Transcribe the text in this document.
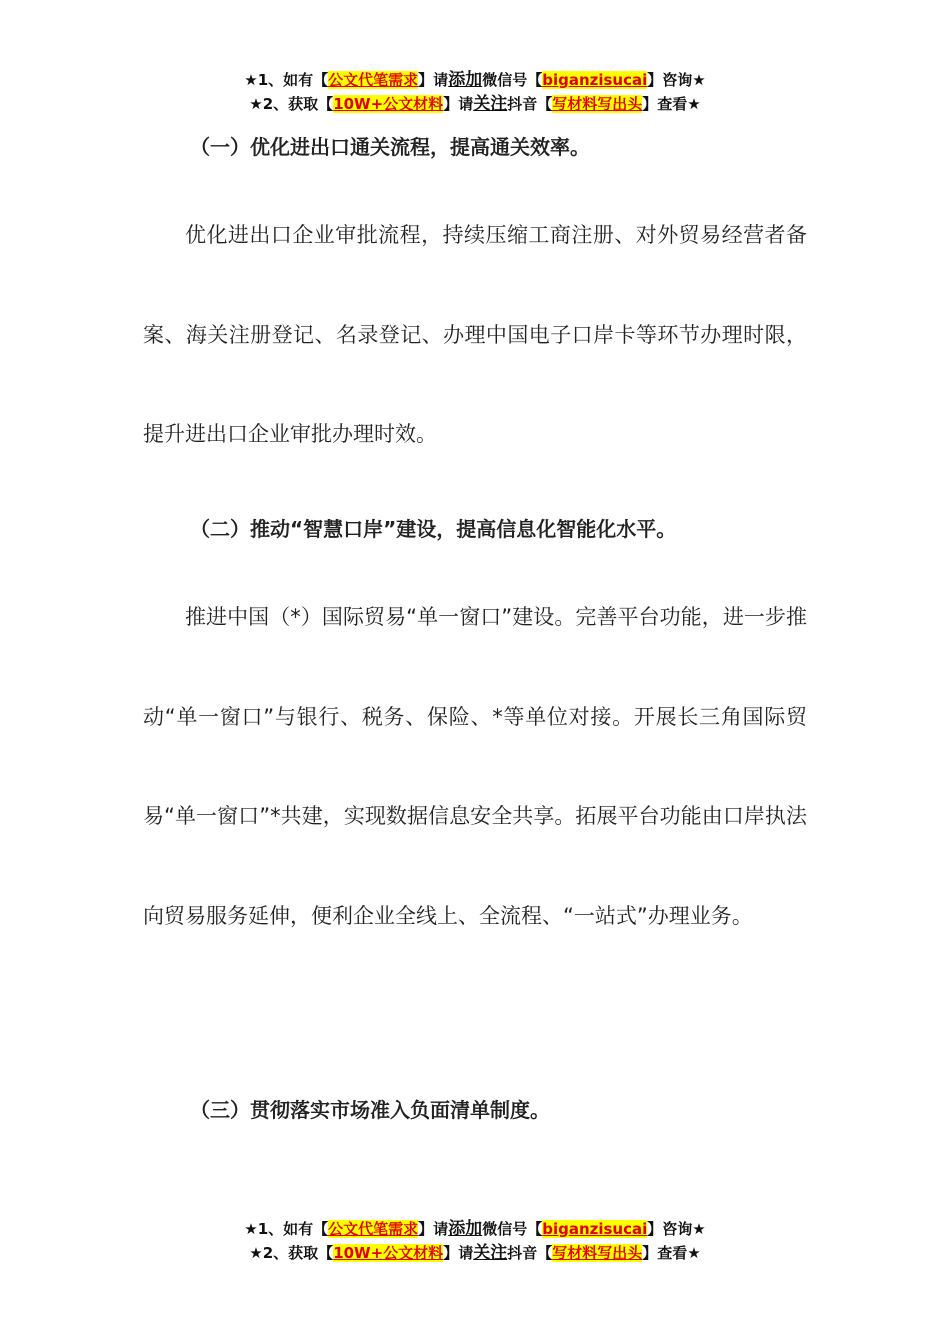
★1、如有【公文代笔需求】请添加微信号【biganzisucai】咨询★
★2、获取【10W+公文材料】请关注抖音【写材料写出头】查看★
（一）优化进出口通关流程，提高通关效率。

优化进出口企业审批流程，持续压缩工商注册、对外贸易经营者备案、海关注册登记、名录登记、办理中国电子口岸卡等环节办理时限，提升进出口企业审批办理时效。

（二）推动“智慧口岸”建设，提高信息化智能化水平。

推进中国（*）国际贸易“单一窗口”建设。完善平台功能，进一步推动“单一窗口”与银行、税务、保险、*等单位对接。开展长三角国际贸易“单一窗口”*共建，实现数据信息安全共享。拓展平台功能由口岸执法向贸易服务延伸，便利企业全线上、全流程、“一站式”办理业务。

（三）贯彻落实市场准入负面清单制度。
★1、如有【公文代笔需求】请添加微信号【biganzisucai】咨询★
★2、获取【10W+公文材料】请关注抖音【写材料写出头】查看★
